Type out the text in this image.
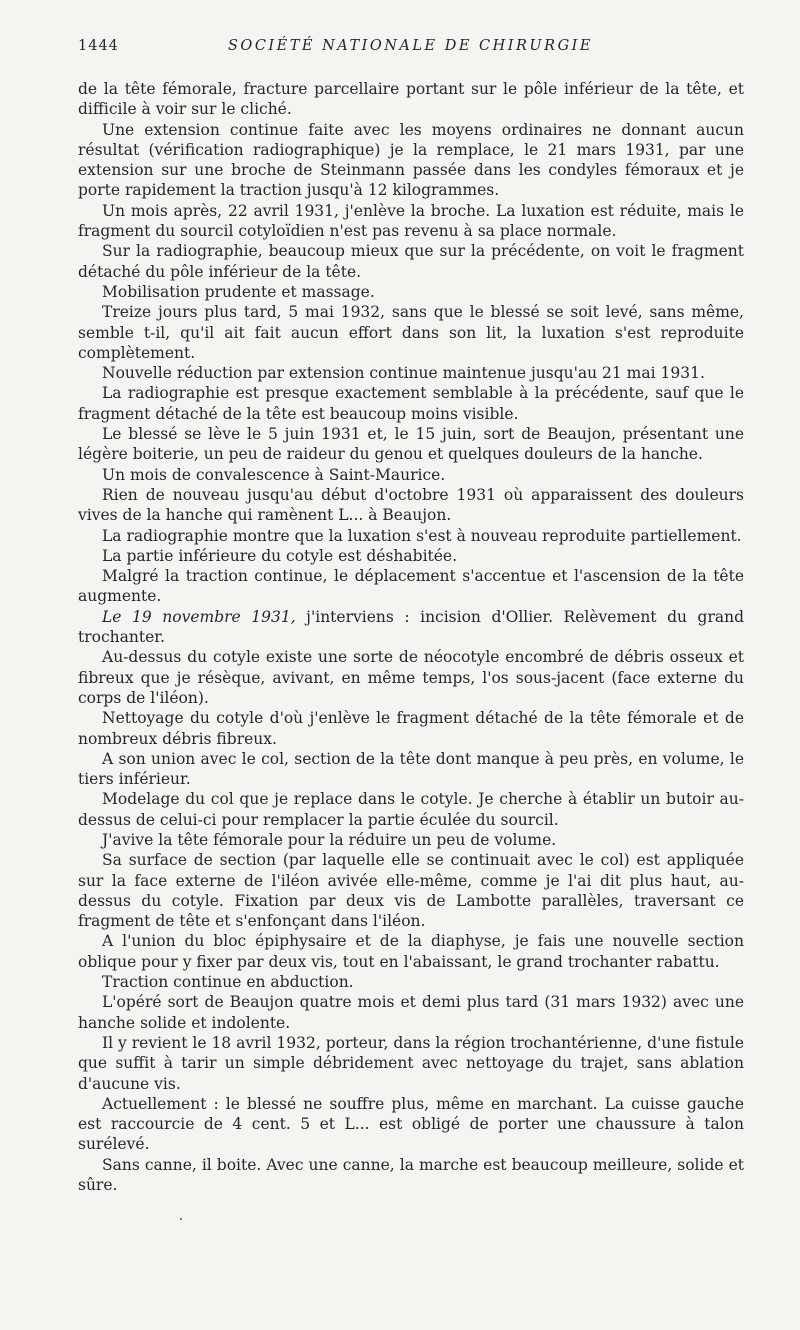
1444	SOCIÉTÉ NATIONALE DE CHIRURGIE

de la tête fémorale, fracture parcellaire portant sur le pôle inférieur de la tête, et difficile à voir sur le cliché.

Une extension continue faite avec les moyens ordinaires ne donnant aucun résultat (vérification radiographique) je la remplace, le 21 mars 1931, par une extension sur une broche de Steinmann passée dans les condyles fémoraux et je porte rapidement la traction jusqu'à 12 kilogrammes.

Un mois après, 22 avril 1931, j'enlève la broche. La luxation est réduite, mais le fragment du sourcil cotyloïdien n'est pas revenu à sa place normale.

Sur la radiographie, beaucoup mieux que sur la précédente, on voit le fragment détaché du pôle inférieur de la tête.

Mobilisation prudente et massage.

Treize jours plus tard, 5 mai 1932, sans que le blessé se soit levé, sans même, semble t-il, qu'il ait fait aucun effort dans son lit, la luxation s'est reproduite complètement.

Nouvelle réduction par extension continue maintenue jusqu'au 21 mai 1931.

La radiographie est presque exactement semblable à la précédente, sauf que le fragment détaché de la tête est beaucoup moins visible.

Le blessé se lève le 5 juin 1931 et, le 15 juin, sort de Beaujon, présentant une légère boiterie, un peu de raideur du genou et quelques douleurs de la hanche.

Un mois de convalescence à Saint-Maurice.

Rien de nouveau jusqu'au début d'octobre 1931 où apparaissent des douleurs vives de la hanche qui ramènent L... à Beaujon.

La radiographie montre que la luxation s'est à nouveau reproduite partiellement.

La partie inférieure du cotyle est déshabitée.

Malgré la traction continue, le déplacement s'accentue et l'ascension de la tête augmente.

Le 19 novembre 1931, j'interviens : incision d'Ollier. Relèvement du grand trochanter.

Au-dessus du cotyle existe une sorte de néocotyle encombré de débris osseux et fibreux que je résèque, avivant, en même temps, l'os sous-jacent (face externe du corps de l'iléon).

Nettoyage du cotyle d'où j'enlève le fragment détaché de la tête fémorale et de nombreux débris fibreux.

A son union avec le col, section de la tête dont manque à peu près, en volume, le tiers inférieur.

Modelage du col que je replace dans le cotyle. Je cherche à établir un butoir au-dessus de celui-ci pour remplacer la partie éculée du sourcil.

J'avive la tête fémorale pour la réduire un peu de volume.

Sa surface de section (par laquelle elle se continuait avec le col) est appliquée sur la face externe de l'iléon avivée elle-même, comme je l'ai dit plus haut, au-dessus du cotyle. Fixation par deux vis de Lambotte parallèles, traversant ce fragment de tête et s'enfonçant dans l'iléon.

A l'union du bloc épiphysaire et de la diaphyse, je fais une nouvelle section oblique pour y fixer par deux vis, tout en l'abaissant, le grand trochanter rabattu.

Traction continue en abduction.

L'opéré sort de Beaujon quatre mois et demi plus tard (31 mars 1932) avec une hanche solide et indolente.

Il y revient le 18 avril 1932, porteur, dans la région trochantérienne, d'une fistule que suffit à tarir un simple débridement avec nettoyage du trajet, sans ablation d'aucune vis.

Actuellement : le blessé ne souffre plus, même en marchant. La cuisse gauche est raccourcie de 4 cent. 5 et L... est obligé de porter une chaussure à talon surélevé.

Sans canne, il boite. Avec une canne, la marche est beaucoup meilleure, solide et sûre.
